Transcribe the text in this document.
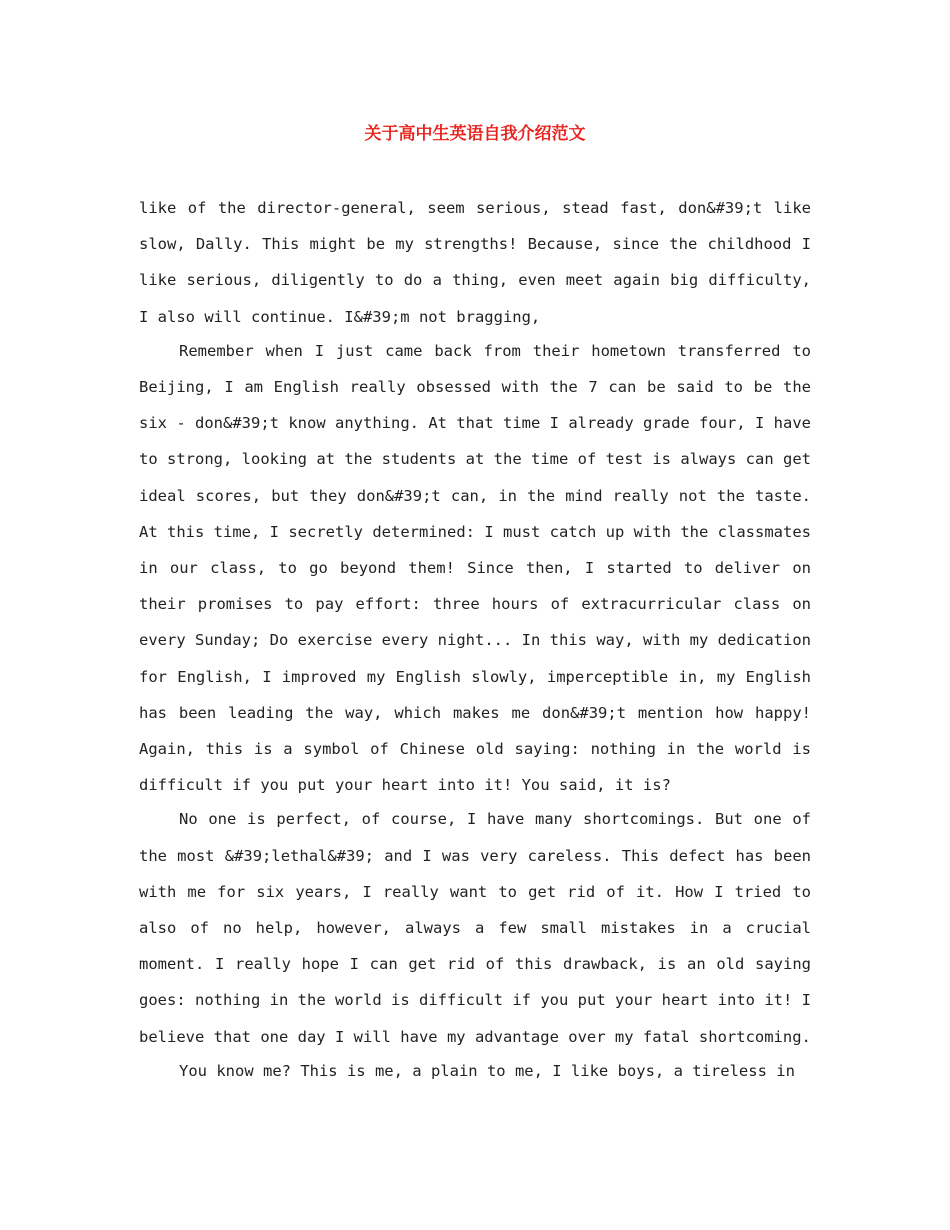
关于高中生英语自我介绍范文

like of the director-general, seem serious, stead fast, don&#39;t like slow, Dally. This might be my strengths! Because, since the childhood I like serious, diligently to do a thing, even meet again big difficulty, I also will continue. I&#39;m not bragging,

Remember when I just came back from their hometown transferred to Beijing, I am English really obsessed with the 7 can be said to be the six - don&#39;t know anything. At that time I already grade four, I have to strong, looking at the students at the time of test is always can get ideal scores, but they don&#39;t can, in the mind really not the taste. At this time, I secretly determined: I must catch up with the classmates in our class, to go beyond them! Since then, I started to deliver on their promises to pay effort: three hours of extracurricular class on every Sunday; Do exercise every night... In this way, with my dedication for English, I improved my English slowly, imperceptible in, my English has been leading the way, which makes me don&#39;t mention how happy! Again, this is a symbol of Chinese old saying: nothing in the world is difficult if you put your heart into it! You said, it is?

No one is perfect, of course, I have many shortcomings. But one of the most &#39;lethal&#39; and I was very careless. This defect has been with me for six years, I really want to get rid of it. How I tried to also of no help, however, always a few small mistakes in a crucial moment. I really hope I can get rid of this drawback, is an old saying goes: nothing in the world is difficult if you put your heart into it! I believe that one day I will have my advantage over my fatal shortcoming.

You know me? This is me, a plain to me, I like boys, a tireless in
